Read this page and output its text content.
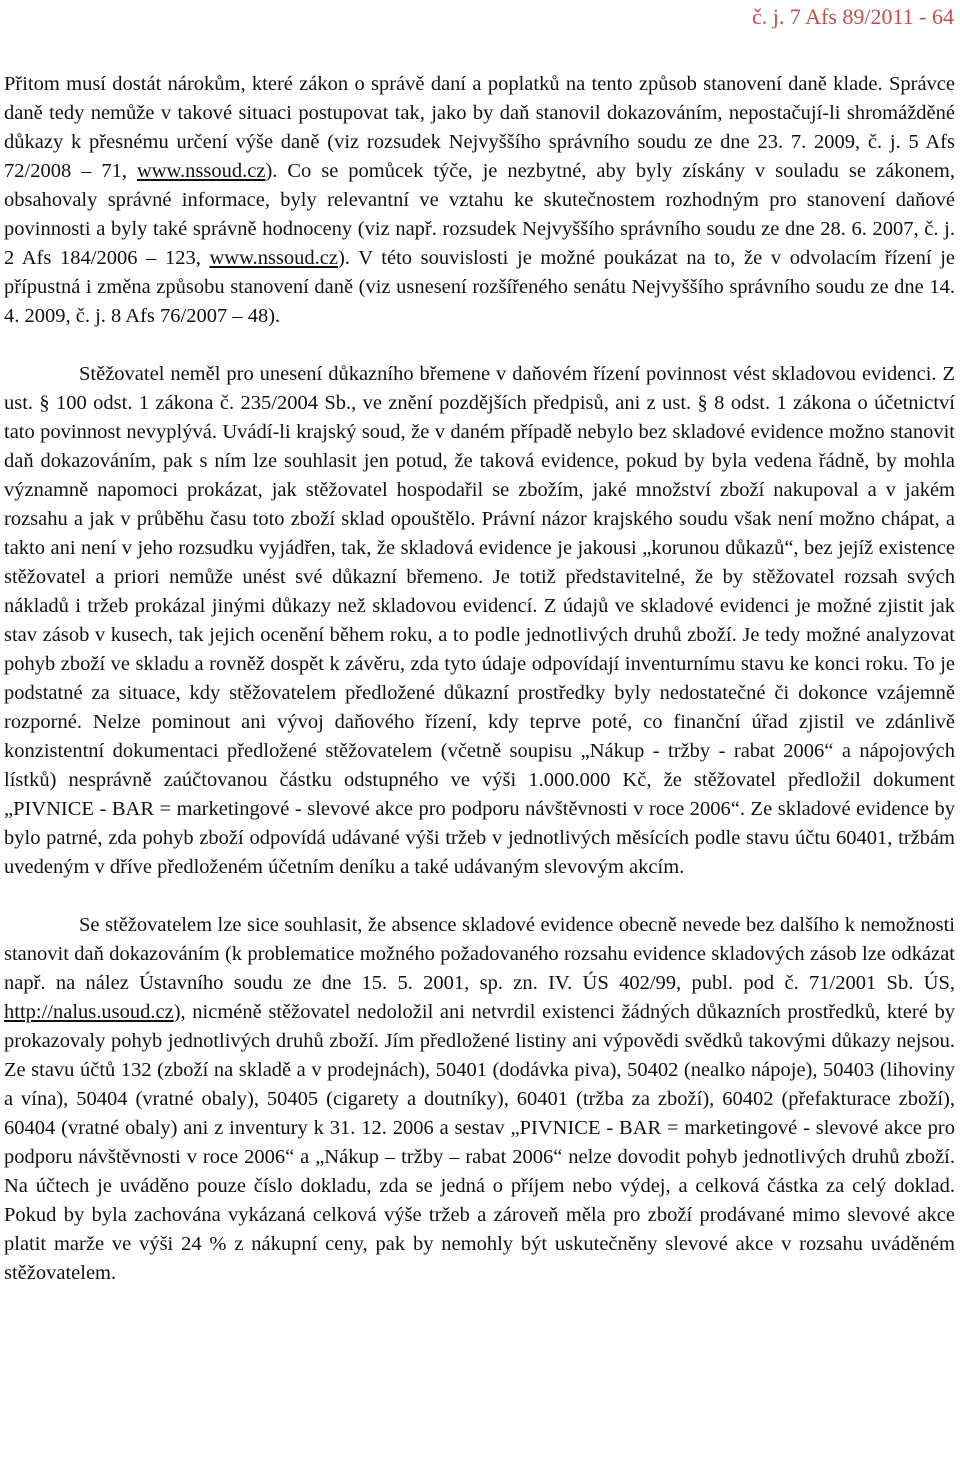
č. j. 7 Afs 89/2011 - 64

Přitom musí dostát nárokům, které zákon o správě daní a poplatků na tento způsob stanovení daně klade. Správce daně tedy nemůže v takové situaci postupovat tak, jako by daň stanovil dokazováním, nepostačují-li shromážděné důkazy k přesnému určení výše daně (viz rozsudek Nejvyššího správního soudu ze dne 23. 7. 2009, č. j. 5 Afs 72/2008 – 71, www.nssoud.cz). Co se pomůcek týče, je nezbytné, aby byly získány v souladu se zákonem, obsahovaly správné informace, byly relevantní ve vztahu ke skutečnostem rozhodným pro stanovení daňové povinnosti a byly také správně hodnoceny (viz např. rozsudek Nejvyššího správního soudu ze dne 28. 6. 2007, č. j. 2 Afs 184/2006 – 123, www.nssoud.cz). V této souvislosti je možné poukázat na to, že v odvolacím řízení je přípustná i změna způsobu stanovení daně (viz usnesení rozšířeného senátu Nejvyššího správního soudu ze dne 14. 4. 2009, č. j. 8 Afs 76/2007 – 48).

Stěžovatel neměl pro unesení důkazního břemene v daňovém řízení povinnost vést skladovou evidenci. Z ust. § 100 odst. 1 zákona č. 235/2004 Sb., ve znění pozdějších předpisů, ani z ust. § 8 odst. 1 zákona o účetnictví tato povinnost nevyplývá. Uvádí-li krajský soud, že v daném případě nebylo bez skladové evidence možno stanovit daň dokazováním, pak s ním lze souhlasit jen potud, že taková evidence, pokud by byla vedena řádně, by mohla významně napomoci prokázat, jak stěžovatel hospodařil se zbožím, jaké množství zboží nakupoval a v jakém rozsahu a jak v průběhu času toto zboží sklad opouštělo. Právní názor krajského soudu však není možno chápat, a takto ani není v jeho rozsudku vyjádřen, tak, že skladová evidence je jakousi „korunou důkazů“, bez jejíž existence stěžovatel a priori nemůže unést své důkazní břemeno. Je totiž představitelné, že by stěžovatel rozsah svých nákladů i tržeb prokázal jinými důkazy než skladovou evidencí. Z údajů ve skladové evidenci je možné zjistit jak stav zásob v kusech, tak jejich ocenění během roku, a to podle jednotlivých druhů zboží. Je tedy možné analyzovat pohyb zboží ve skladu a rovněž dospět k závěru, zda tyto údaje odpovídají inventurnímu stavu ke konci roku. To je podstatné za situace, kdy stěžovatelem předložené důkazní prostředky byly nedostatečné či dokonce vzájemně rozporné. Nelze pominout ani vývoj daňového řízení, kdy teprve poté, co finanční úřad zjistil ve zdánlivě konzistentní dokumentaci předložené stěžovatelem (včetně soupisu „Nákup - tržby - rabat 2006“ a nápojových lístků) nesprávně zaúčtovanou částku odstupného ve výši 1.000.000 Kč, že stěžovatel předložil dokument „PIVNICE - BAR = marketingové - slevové akce pro podporu návštěvnosti v roce 2006“. Ze skladové evidence by bylo patrné, zda pohyb zboží odpovídá udávané výši tržeb v jednotlivých měsících podle stavu účtu 60401, tržbám uvedeným v dříve předloženém účetním deníku a také udávaným slevovým akcím.

Se stěžovatelem lze sice souhlasit, že absence skladové evidence obecně nevede bez dalšího k nemožnosti stanovit daň dokazováním (k problematice možného požadovaného rozsahu evidence skladových zásob lze odkázat např. na nález Ústavního soudu ze dne 15. 5. 2001, sp. zn. IV. ÚS 402/99, publ. pod č. 71/2001 Sb. ÚS, http://nalus.usoud.cz), nicméně stěžovatel nedoložil ani netvrdil existenci žádných důkazních prostředků, které by prokazovaly pohyb jednotlivých druhů zboží. Jím předložené listiny ani výpovědi svědků takovými důkazy nejsou. Ze stavu účtů 132 (zboží na skladě a v prodejnách), 50401 (dodávka piva), 50402 (nealko nápoje), 50403 (lihoviny a vína), 50404 (vratné obaly), 50405 (cigarety a doutníky), 60401 (tržba za zboží), 60402 (přefakturace zboží), 60404 (vratné obaly) ani z inventury k 31. 12. 2006 a sestav „PIVNICE - BAR = marketingové - slevové akce pro podporu návštěvnosti v roce 2006“ a „Nákup – tržby – rabat 2006“ nelze dovodit pohyb jednotlivých druhů zboží. Na účtech je uváděno pouze číslo dokladu, zda se jedná o příjem nebo výdej, a celková částka za celý doklad. Pokud by byla zachována vykázaná celková výše tržeb a zároveň měla pro zboží prodávané mimo slevové akce platit marže ve výši 24 % z nákupní ceny, pak by nemohly být uskutečněny slevové akce v rozsahu uváděném stěžovatelem.
